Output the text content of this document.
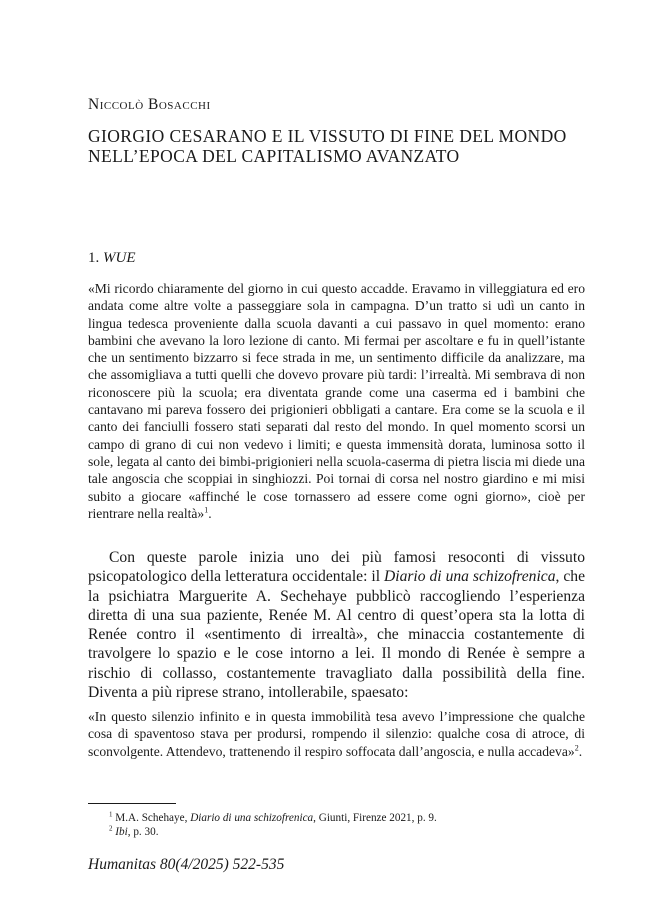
Niccolò Bosacchi
GIORGIO CESARANO E IL VISSUTO DI FINE DEL MONDO NELL’EPOCA DEL CAPITALISMO AVANZATO
1. WUE
«Mi ricordo chiaramente del giorno in cui questo accadde. Eravamo in villeggiatura ed ero andata come altre volte a passeggiare sola in campagna. D’un tratto si udì un canto in lingua tedesca proveniente dalla scuola davanti a cui passavo in quel momento: erano bambini che avevano la loro lezione di canto. Mi fermai per ascoltare e fu in quell’istante che un sentimento bizzarro si fece strada in me, un sentimento difficile da analizzare, ma che assomigliava a tutti quelli che dovevo provare più tardi: l’irrealtà. Mi sembrava di non riconoscere più la scuola; era diventata grande come una caserma ed i bambini che cantavano mi pareva fossero dei prigionieri obbligati a cantare. Era come se la scuola e il canto dei fanciulli fossero stati separati dal resto del mondo. In quel momento scorsi un campo di grano di cui non vedevo i limiti; e questa immensità dorata, luminosa sotto il sole, legata al canto dei bimbi-prigionieri nella scuola-caserma di pietra liscia mi diede una tale angoscia che scoppiai in singhiozzi. Poi tornai di corsa nel nostro giardino e mi misi subito a giocare «affinché le cose tornassero ad essere come ogni giorno», cioè per rientrare nella realtà»$^1$.
Con queste parole inizia uno dei più famosi resoconti di vissuto psicopatologico della letteratura occidentale: il Diario di una schizofrenica, che la psichiatra Marguerite A. Sechehaye pubblicò raccogliendo l’esperienza diretta di una sua paziente, Renée M. Al centro di quest’opera sta la lotta di Renée contro il «sentimento di irrealtà», che minaccia costantemente di travolgere lo spazio e le cose intorno a lei. Il mondo di Renée è sempre a rischio di collasso, costantemente travagliato dalla possibilità della fine. Diventa a più riprese strano, intollerabile, spaesato:
«In questo silenzio infinito e in questa immobilità tesa avevo l’impressione che qualche cosa di spaventoso stava per prodursi, rompendo il silenzio: qualche cosa di atroce, di sconvolgente. Attendevo, trattenendo il respiro soffocata dall’angoscia, e nulla accadeva»$^2$.
$^1$ M.A. Schehaye, Diario di una schizofrenica, Giunti, Firenze 2021, p. 9.
$^2$ Ibi, p. 30.
Humanitas 80(4/2025) 522-535
